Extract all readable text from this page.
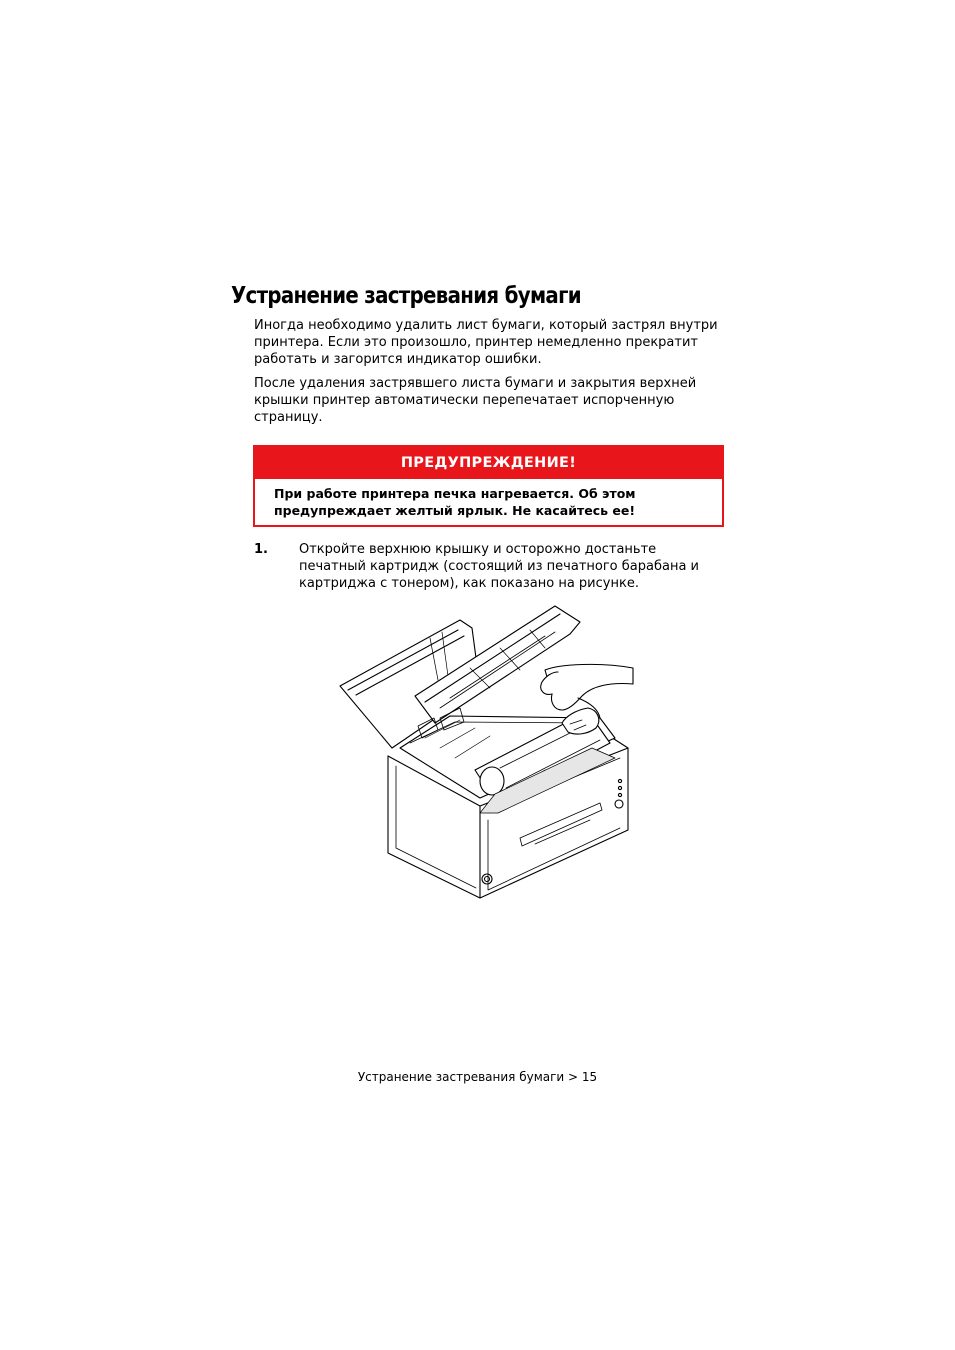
Устранение застревания бумаги

Иногда необходимо удалить лист бумаги, который застрял внутри
принтера. Если это произошло, принтер немедленно прекратит
работать и загорится индикатор ошибки.

После удаления застрявшего листа бумаги и закрытия верхней
крышки принтер автоматически перепечатает испорченную
страницу.

ПРЕДУПРЕЖДЕНИЕ!
При работе принтера печка нагревается. Об этом
предупреждает желтый ярлык. Не касайтесь ее!
1. Откройте верхнюю крышку и осторожно достаньте
печатный картридж (состоящий из печатного барабана и
картриджа с тонером), как показано на рисунке.
Устранение застревания бумаги > 15
